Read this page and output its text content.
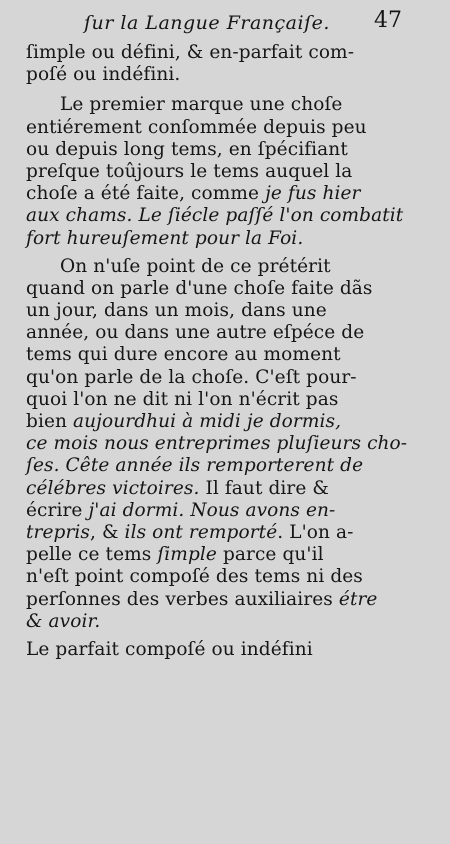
ſur la Langue Françaiſe. 47
ſimple ou défini, & en-parfait com-
poſé ou indéfini.
Le premier marque une choſe
entiérement conſommée depuis peu
ou depuis long tems, en ſpécifiant
preſque toûjours le tems auquel la
choſe a été faite, comme je fus hier
aux chams. Le ſiécle paſſé l'on combatit
fort hureuſement pour la Foi.
On n'uſe point de ce prétérit
quand on parle d'une choſe faite dãs
un jour, dans un mois, dans une
année, ou dans une autre eſpéce de
tems qui dure encore au moment
qu'on parle de la choſe. C'eſt pour-
quoi l'on ne dit ni l'on n'écrit pas
bien aujourdhui à midi je dormis,
ce mois nous entreprimes pluſieurs cho-
ſes. Cête année ils remporterent de
célébres victoires. Il faut dire &
écrire j'ai dormi. Nous avons en-
trepris, & ils ont remporté. L'on a-
pelle ce tems ſimple parce qu'il
n'eſt point compoſé des tems ni des
perſonnes des verbes auxiliaires étre
& avoir.
Le parfait compoſé ou indéfini
